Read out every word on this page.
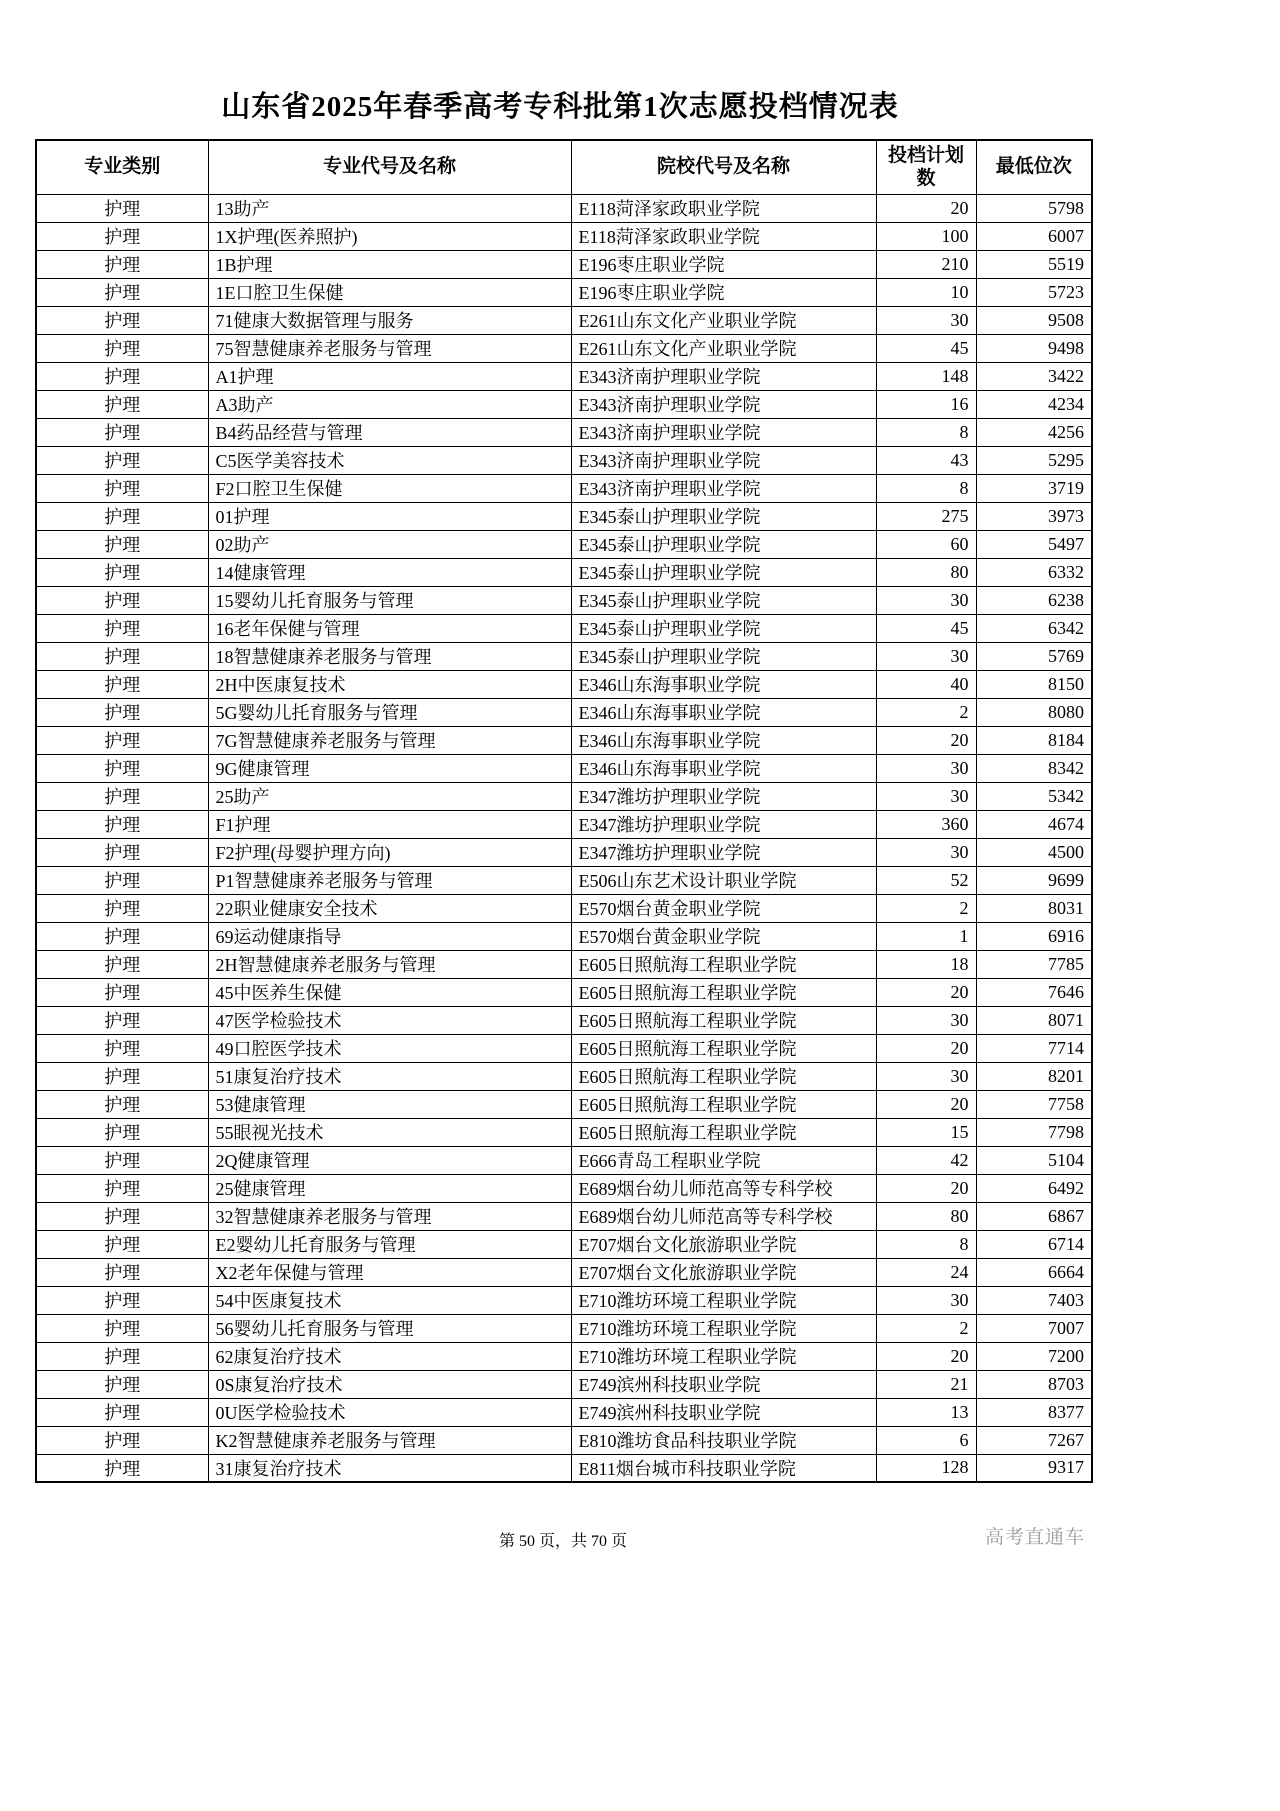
山东省2025年春季高考专科批第1次志愿投档情况表
专业类别	专业代号及名称	院校代号及名称	投档计划数	最低位次
护理	13助产	E118菏泽家政职业学院	20	5798
护理	1X护理(医养照护)	E118菏泽家政职业学院	100	6007
护理	1B护理	E196枣庄职业学院	210	5519
护理	1E口腔卫生保健	E196枣庄职业学院	10	5723
护理	71健康大数据管理与服务	E261山东文化产业职业学院	30	9508
护理	75智慧健康养老服务与管理	E261山东文化产业职业学院	45	9498
护理	A1护理	E343济南护理职业学院	148	3422
护理	A3助产	E343济南护理职业学院	16	4234
护理	B4药品经营与管理	E343济南护理职业学院	8	4256
护理	C5医学美容技术	E343济南护理职业学院	43	5295
护理	F2口腔卫生保健	E343济南护理职业学院	8	3719
护理	01护理	E345泰山护理职业学院	275	3973
护理	02助产	E345泰山护理职业学院	60	5497
护理	14健康管理	E345泰山护理职业学院	80	6332
护理	15婴幼儿托育服务与管理	E345泰山护理职业学院	30	6238
护理	16老年保健与管理	E345泰山护理职业学院	45	6342
护理	18智慧健康养老服务与管理	E345泰山护理职业学院	30	5769
护理	2H中医康复技术	E346山东海事职业学院	40	8150
护理	5G婴幼儿托育服务与管理	E346山东海事职业学院	2	8080
护理	7G智慧健康养老服务与管理	E346山东海事职业学院	20	8184
护理	9G健康管理	E346山东海事职业学院	30	8342
护理	25助产	E347潍坊护理职业学院	30	5342
护理	F1护理	E347潍坊护理职业学院	360	4674
护理	F2护理(母婴护理方向)	E347潍坊护理职业学院	30	4500
护理	P1智慧健康养老服务与管理	E506山东艺术设计职业学院	52	9699
护理	22职业健康安全技术	E570烟台黄金职业学院	2	8031
护理	69运动健康指导	E570烟台黄金职业学院	1	6916
护理	2H智慧健康养老服务与管理	E605日照航海工程职业学院	18	7785
护理	45中医养生保健	E605日照航海工程职业学院	20	7646
护理	47医学检验技术	E605日照航海工程职业学院	30	8071
护理	49口腔医学技术	E605日照航海工程职业学院	20	7714
护理	51康复治疗技术	E605日照航海工程职业学院	30	8201
护理	53健康管理	E605日照航海工程职业学院	20	7758
护理	55眼视光技术	E605日照航海工程职业学院	15	7798
护理	2Q健康管理	E666青岛工程职业学院	42	5104
护理	25健康管理	E689烟台幼儿师范高等专科学校	20	6492
护理	32智慧健康养老服务与管理	E689烟台幼儿师范高等专科学校	80	6867
护理	E2婴幼儿托育服务与管理	E707烟台文化旅游职业学院	8	6714
护理	X2老年保健与管理	E707烟台文化旅游职业学院	24	6664
护理	54中医康复技术	E710潍坊环境工程职业学院	30	7403
护理	56婴幼儿托育服务与管理	E710潍坊环境工程职业学院	2	7007
护理	62康复治疗技术	E710潍坊环境工程职业学院	20	7200
护理	0S康复治疗技术	E749滨州科技职业学院	21	8703
护理	0U医学检验技术	E749滨州科技职业学院	13	8377
护理	K2智慧健康养老服务与管理	E810潍坊食品科技职业学院	6	7267
护理	31康复治疗技术	E811烟台城市科技职业学院	128	9317
第 50 页，共 70 页	高考直通车
